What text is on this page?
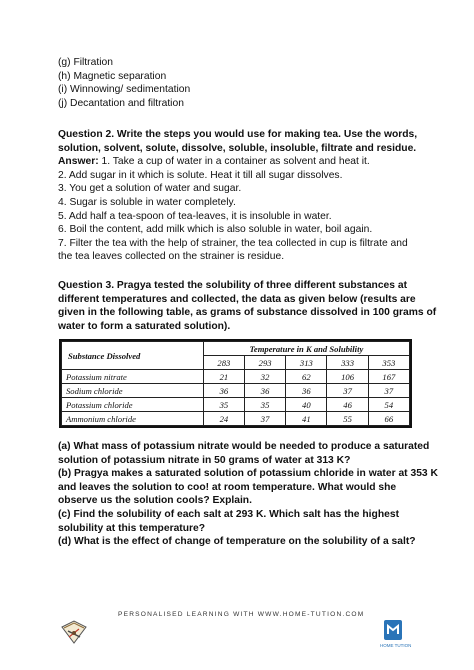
(g) Filtration
(h) Magnetic separation
(i) Winnowing/ sedimentation
(j) Decantation and filtration
Question 2. Write the steps you would use for making tea. Use the words,
solution, solvent, solute, dissolve, soluble, insoluble, filtrate and residue.
Answer: 1. Take a cup of water in a container as solvent and heat it.
2. Add sugar in it which is solute. Heat it till all sugar dissolves.
3. You get a solution of water and sugar.
4. Sugar is soluble in water completely.
5. Add half a tea-spoon of tea-leaves, it is insoluble in water.
6. Boil the content, add milk which is also soluble in water, boil again.
7. Filter the tea with the help of strainer, the tea collected in cup is filtrate and
the tea leaves collected on the strainer is residue.
Question 3. Pragya tested the solubility of three different substances at
different temperatures and collected, the data as given below (results are
given in the following table, as grams of substance dissolved in 100 grams of
water to form a saturated solution).
Substance Dissolved	Temperature in K and Solubility				
	283	293	313	333	353
Potassium nitrate	21	32	62	106	167
Sodium chloride	36	36	36	37	37
Potassium chloride	35	35	40	46	54
Ammonium chloride	24	37	41	55	66
(a) What mass of potassium nitrate would be needed to produce a saturated
solution of potassium nitrate in 50 grams of water at 313 K?
(b) Pragya makes a saturated solution of potassium chloride in water at 353 K
and leaves the solution to coo! at room temperature. What would she
observe us the solution cools? Explain.
(c) Find the solubility of each salt at 293 K. Which salt has the highest
solubility at this temperature?
(d) What is the effect of change of temperature on the solubility of a salt?
PERSONALISED LEARNING WITH WWW.HOME-TUTION.COM
HOME TUTION
